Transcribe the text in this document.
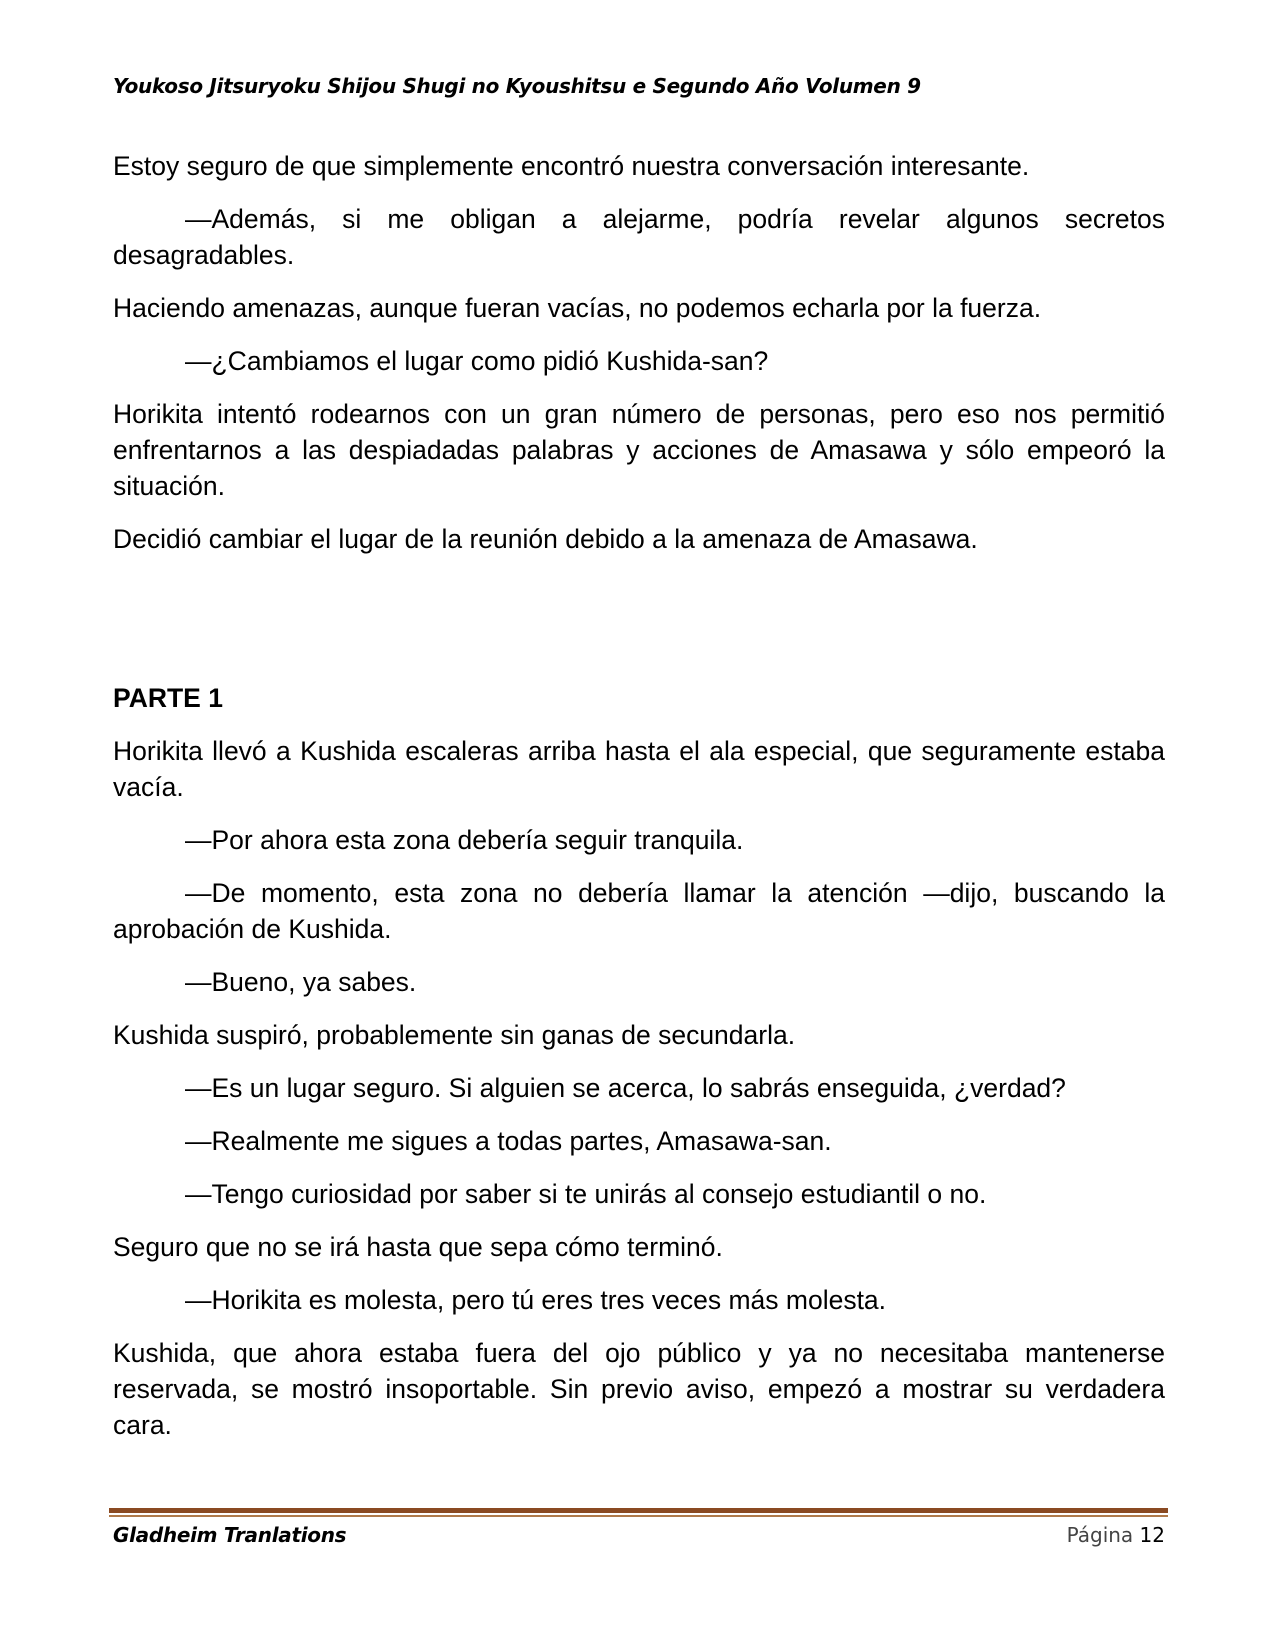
Youkoso Jitsuryoku Shijou Shugi no Kyoushitsu e Segundo Año Volumen 9

Estoy seguro de que simplemente encontró nuestra conversación interesante.

—Además, si me obligan a alejarme, podría revelar algunos secretos desagradables.

Haciendo amenazas, aunque fueran vacías, no podemos echarla por la fuerza.

—¿Cambiamos el lugar como pidió Kushida-san?

Horikita intentó rodearnos con un gran número de personas, pero eso nos permitió enfrentarnos a las despiadadas palabras y acciones de Amasawa y sólo empeoró la situación.

Decidió cambiar el lugar de la reunión debido a la amenaza de Amasawa.

PARTE 1

Horikita llevó a Kushida escaleras arriba hasta el ala especial, que seguramente estaba vacía.

—Por ahora esta zona debería seguir tranquila.

—De momento, esta zona no debería llamar la atención —dijo, buscando la aprobación de Kushida.

—Bueno, ya sabes.

Kushida suspiró, probablemente sin ganas de secundarla.

—Es un lugar seguro. Si alguien se acerca, lo sabrás enseguida, ¿verdad?

—Realmente me sigues a todas partes, Amasawa-san.

—Tengo curiosidad por saber si te unirás al consejo estudiantil o no.

Seguro que no se irá hasta que sepa cómo terminó.

—Horikita es molesta, pero tú eres tres veces más molesta.

Kushida, que ahora estaba fuera del ojo público y ya no necesitaba mantenerse reservada, se mostró insoportable. Sin previo aviso, empezó a mostrar su verdadera cara.

Gladheim Tranlations	Página 12
